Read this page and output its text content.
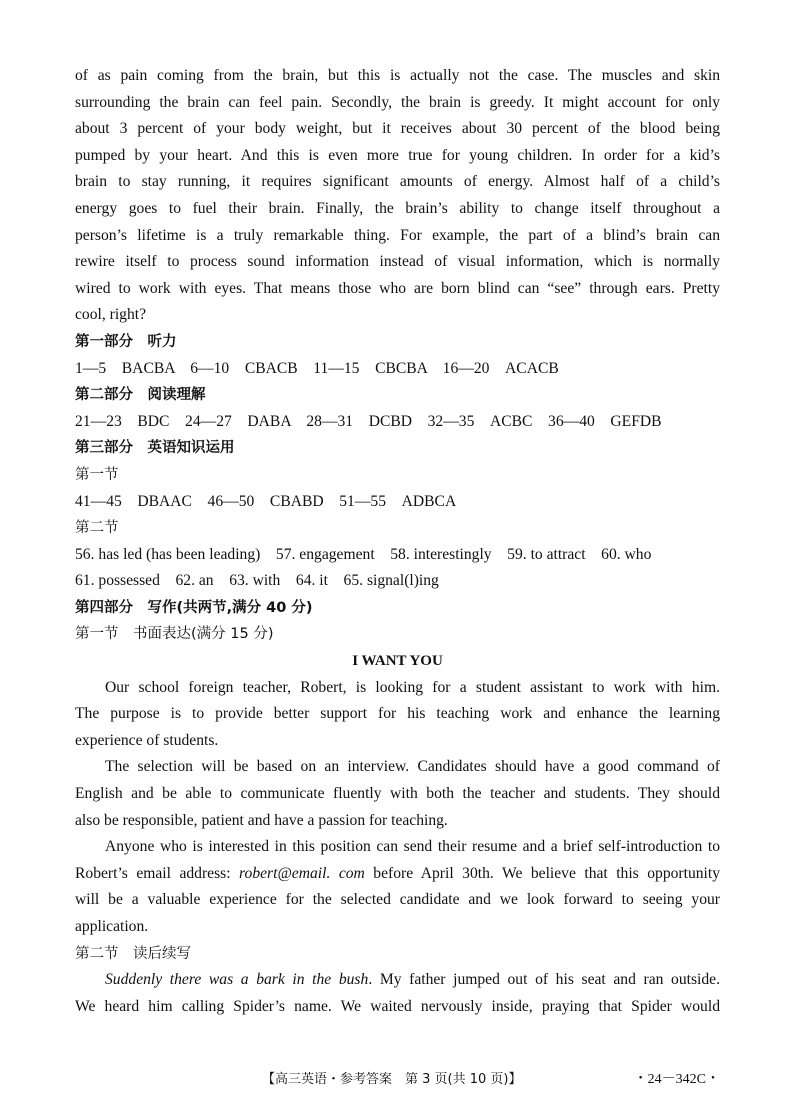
of as pain coming from the brain, but this is actually not the case. The muscles and skin
surrounding the brain can feel pain. Secondly, the brain is greedy. It might account for only
about 3 percent of your body weight, but it receives about 30 percent of the blood being
pumped by your heart. And this is even more true for young children. In order for a kid’s
brain to stay running, it requires significant amounts of energy. Almost half of a child’s
energy goes to fuel their brain. Finally, the brain’s ability to change itself throughout a
person’s lifetime is a truly remarkable thing. For example, the part of a blind’s brain can
rewire itself to process sound information instead of visual information, which is normally
wired to work with eyes. That means those who are born blind can “see” through ears. Pretty
cool, right?
第一部分　听力
1—5　BACBA　6—10　CBACB　11—15　CBCBA　16—20　ACACB
第二部分　阅读理解
21—23　BDC　24—27　DABA　28—31　DCBD　32—35　ACBC　36—40　GEFDB
第三部分　英语知识运用
第一节
41—45　DBAAC　46—50　CBABD　51—55　ADBCA
第二节
56. has led (has been leading)　57. engagement　58. interestingly　59. to attract　60. who
61. possessed　62. an　63. with　64. it　65. signal(l)ing
第四部分　写作(共两节,满分 40 分)
第一节　书面表达(满分 15 分)
I WANT YOU
Our school foreign teacher, Robert, is looking for a student assistant to work with him.
The purpose is to provide better support for his teaching work and enhance the learning
experience of students.
The selection will be based on an interview. Candidates should have a good command of
English and be able to communicate fluently with both the teacher and students. They should
also be responsible, patient and have a passion for teaching.
Anyone who is interested in this position can send their resume and a brief self-introduction to
Robert’s email address: robert@email. com before April 30th. We believe that this opportunity
will be a valuable experience for the selected candidate and we look forward to seeing your
application.
第二节　读后续写
Suddenly there was a bark in the bush. My father jumped out of his seat and ran outside.
We heard him calling Spider’s name. We waited nervously inside, praying that Spider would
【高三英语・参考答案　第 3 页(共 10 页)】	・24－342C・
